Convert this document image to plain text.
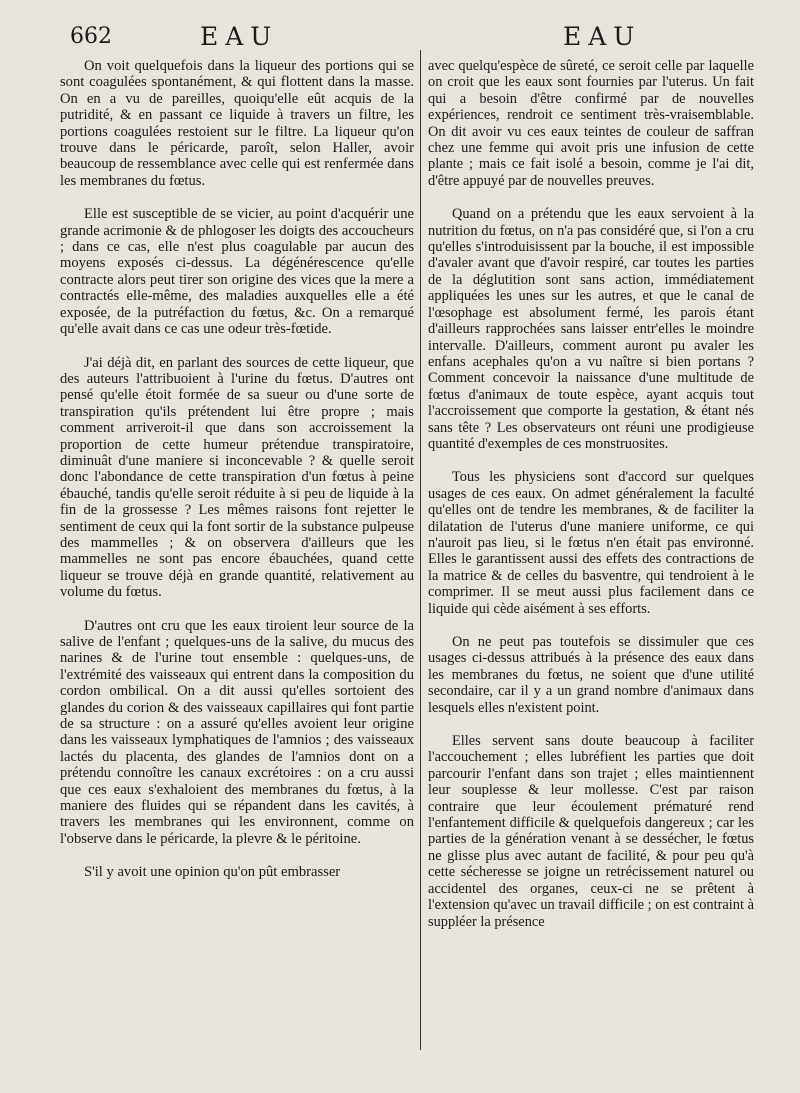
662	EAU	EAU

On voit quelquefois dans la liqueur des portions qui se sont coagulées spontanément, & qui flottent dans la masse. On en a vu de pareilles, quoiqu'elle eût acquis de la putridité, & en passant ce liquide à travers un filtre, les portions coagulées restoient sur le filtre. La liqueur qu'on trouve dans le péricarde, paroît, selon Haller, avoir beaucoup de ressemblance avec celle qui est renfermée dans les membranes du fœtus.

Elle est susceptible de se vicier, au point d'acquérir une grande acrimonie & de phlogoser les doigts des accoucheurs ; dans ce cas, elle n'est plus coagulable par aucun des moyens exposés ci-dessus. La dégénérescence qu'elle contracte alors peut tirer son origine des vices que la mere a contractés elle-même, des maladies auxquelles elle a été exposée, de la putréfaction du fœtus, &c. On a remarqué qu'elle avait dans ce cas une odeur très-fœtide.

J'ai déjà dit, en parlant des sources de cette liqueur, que des auteurs l'attribuoient à l'urine du fœtus. D'autres ont pensé qu'elle étoit formée de sa sueur ou d'une sorte de transpiration qu'ils prétendent lui être propre ; mais comment arriveroit-il que dans son accroissement la proportion de cette humeur prétendue transpiratoire, diminuât d'une maniere si inconcevable ? & quelle seroit donc l'abondance de cette transpiration d'un fœtus à peine ébauché, tandis qu'elle seroit réduite à si peu de liquide à la fin de la grossesse ? Les mêmes raisons font rejetter le sentiment de ceux qui la font sortir de la substance pulpeuse des mammelles ; & on observera d'ailleurs que les mammelles ne sont pas encore ébauchées, quand cette liqueur se trouve déjà en grande quantité, relativement au volume du fœtus.

D'autres ont cru que les eaux tiroient leur source de la salive de l'enfant ; quelques-uns de la salive, du mucus des narines & de l'urine tout ensemble : quelques-uns, de l'extrémité des vaisseaux qui entrent dans la composition du cordon ombilical. On a dit aussi qu'elles sortoient des glandes du corion & des vaisseaux capillaires qui font partie de sa structure : on a assuré qu'elles avoient leur origine dans les vaisseaux lymphatiques de l'amnios ; des vaisseaux lactés du placenta, des glandes de l'amnios dont on a prétendu connoître les canaux excrétoires : on a cru aussi que ces eaux s'exhaloient des membranes du fœtus, à la maniere des fluides qui se répandent dans les cavités, à travers les membranes qui les environnent, comme on l'observe dans le péricarde, la plevre & le péritoine.

S'il y avoit une opinion qu'on pût embrasser

avec quelqu'espèce de sûreté, ce seroit celle par laquelle on croit que les eaux sont fournies par l'uterus. Un fait qui a besoin d'être confirmé par de nouvelles expériences, rendroit ce sentiment très-vraisemblable. On dit avoir vu ces eaux teintes de couleur de saffran chez une femme qui avoit pris une infusion de cette plante ; mais ce fait isolé a besoin, comme je l'ai dit, d'être appuyé par de nouvelles preuves.

Quand on a prétendu que les eaux servoient à la nutrition du fœtus, on n'a pas considéré que, si l'on a cru qu'elles s'introduisissent par la bouche, il est impossible d'avaler avant que d'avoir respiré, car toutes les parties de la déglutition sont sans action, immédiatement appliquées les unes sur les autres, et que le canal de l'œsophage est absolument fermé, les parois étant d'ailleurs rapprochées sans laisser entr'elles le moindre intervalle. D'ailleurs, comment auront pu avaler les enfans acephales qu'on a vu naître si bien portans ? Comment concevoir la naissance d'une multitude de fœtus d'animaux de toute espèce, ayant acquis tout l'accroissement que comporte la gestation, & étant nés sans tête ? Les observateurs ont réuni une prodigieuse quantité d'exemples de ces monstruosites.

Tous les physiciens sont d'accord sur quelques usages de ces eaux. On admet généralement la faculté qu'elles ont de tendre les membranes, & de faciliter la dilatation de l'uterus d'une maniere uniforme, ce qui n'auroit pas lieu, si le fœtus n'en était pas environné. Elles le garantissent aussi des effets des contractions de la matrice & de celles du basventre, qui tendroient à le comprimer. Il se meut aussi plus facilement dans ce liquide qui cède aisément à ses efforts.

On ne peut pas toutefois se dissimuler que ces usages ci-dessus attribués à la présence des eaux dans les membranes du fœtus, ne soient que d'une utilité secondaire, car il y a un grand nombre d'animaux dans lesquels elles n'existent point.

Elles servent sans doute beaucoup à faciliter l'accouchement ; elles lubréfient les parties que doit parcourir l'enfant dans son trajet ; elles maintiennent leur souplesse & leur mollesse. C'est par raison contraire que leur écoulement prématuré rend l'enfantement difficile & quelquefois dangereux ; car les parties de la génération venant à se dessécher, le fœtus ne glisse plus avec autant de facilité, & pour peu qu'à cette sécheresse se joigne un retrécissement naturel ou accidentel des organes, ceux-ci ne se prêtent à l'extension qu'avec un travail difficile ; on est contraint à suppléer la présence
